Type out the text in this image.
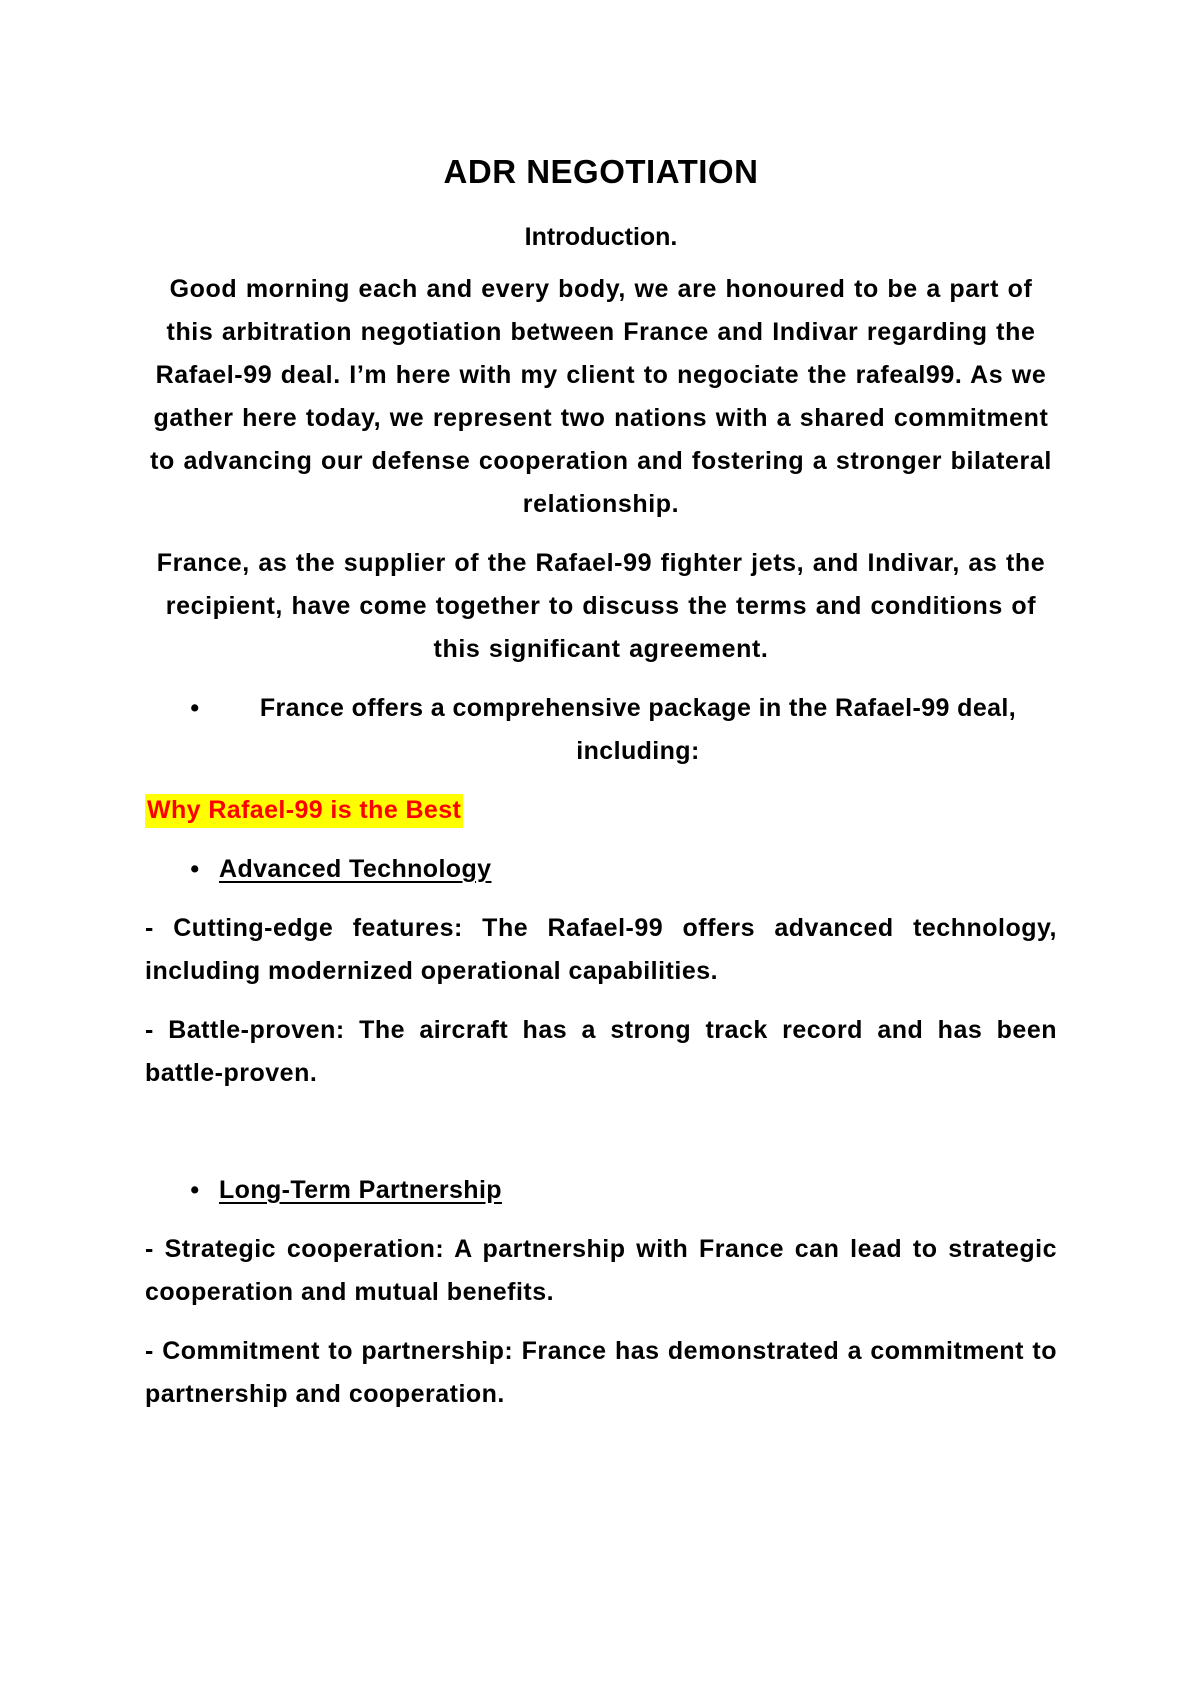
ADR NEGOTIATION
Introduction.
Good morning each and every body, we are honoured to be a part of this arbitration negotiation between France and Indivar regarding the Rafael-99 deal. I’m here with my client to negociate the rafeal99. As we gather here today, we represent two nations with a shared commitment to advancing our defense cooperation and fostering a stronger bilateral relationship.
France, as the supplier of the Rafael-99 fighter jets, and Indivar, as the recipient, have come together to discuss the terms and conditions of this significant agreement.
• France offers a comprehensive package in the Rafael-99 deal, including:
Why Rafael-99 is the Best
• Advanced Technology
- Cutting-edge features: The Rafael-99 offers advanced technology, including modernized operational capabilities.
- Battle-proven: The aircraft has a strong track record and has been battle-proven.
• Long-Term Partnership
- Strategic cooperation: A partnership with France can lead to strategic cooperation and mutual benefits.
- Commitment to partnership: France has demonstrated a commitment to partnership and cooperation.
